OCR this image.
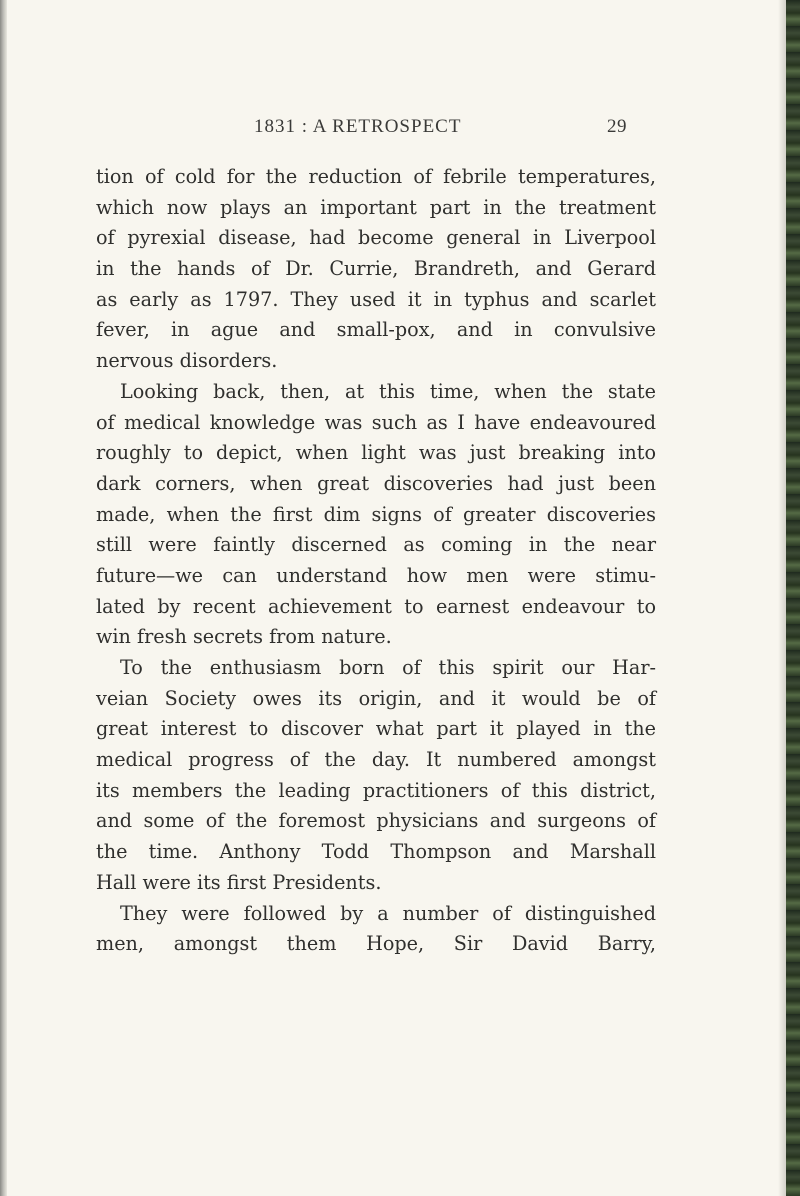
1831 : A RETROSPECT	29
tion of cold for the reduction of febrile temperatures,
which now plays an important part in the treatment
of pyrexial disease, had become general in Liverpool
in the hands of Dr. Currie, Brandreth, and Gerard
as early as 1797. They used it in typhus and scarlet
fever, in ague and small-pox, and in convulsive
nervous disorders.
Looking back, then, at this time, when the state
of medical knowledge was such as I have endeavoured
roughly to depict, when light was just breaking into
dark corners, when great discoveries had just been
made, when the first dim signs of greater discoveries
still were faintly discerned as coming in the near
future—we can understand how men were stimu-
lated by recent achievement to earnest endeavour to
win fresh secrets from nature.
To the enthusiasm born of this spirit our Har-
veian Society owes its origin, and it would be of
great interest to discover what part it played in the
medical progress of the day. It numbered amongst
its members the leading practitioners of this district,
and some of the foremost physicians and surgeons of
the time. Anthony Todd Thompson and Marshall
Hall were its first Presidents.
They were followed by a number of distinguished
men, amongst them Hope, Sir David Barry,
